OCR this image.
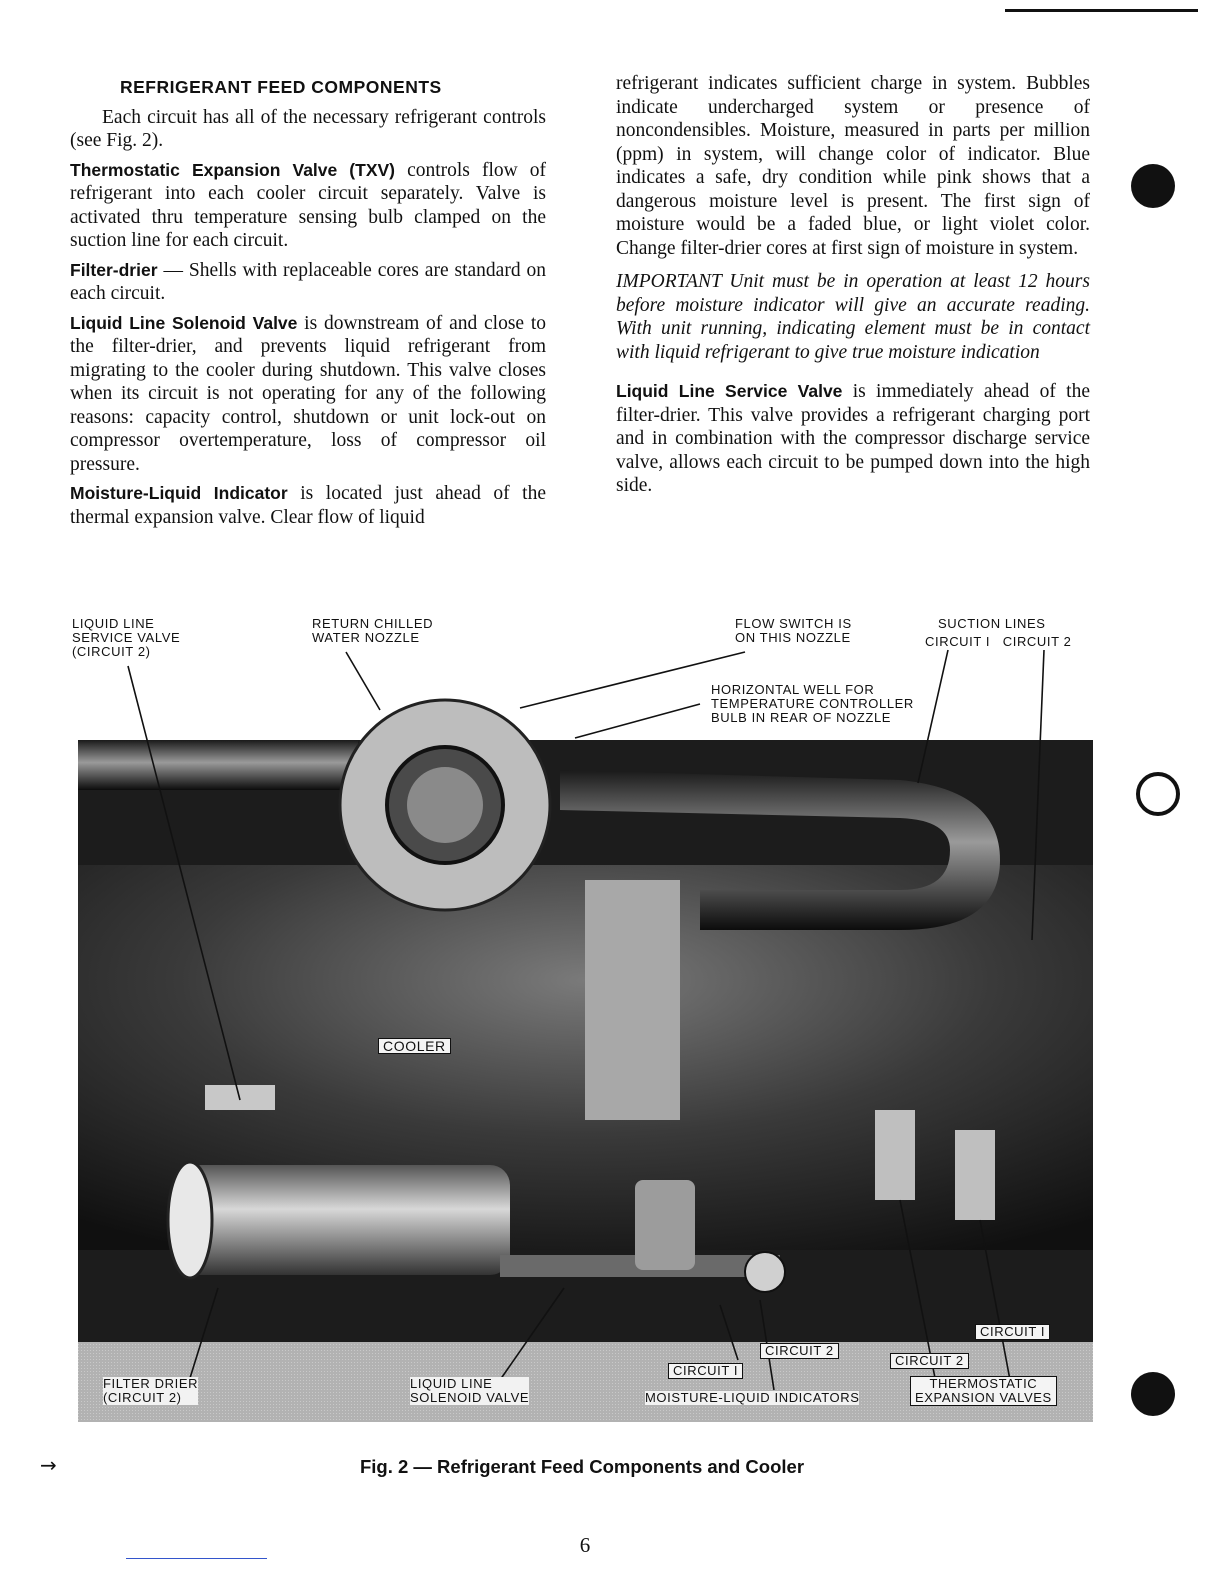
REFRIGERANT FEED COMPONENTS

Each circuit has all of the necessary refrigerant controls (see Fig. 2).

Thermostatic Expansion Valve (TXV) controls flow of refrigerant into each cooler circuit separately. Valve is activated thru temperature sensing bulb clamped on the suction line for each circuit.

Filter-drier — Shells with replaceable cores are standard on each circuit.

Liquid Line Solenoid Valve is downstream of and close to the filter-drier, and prevents liquid refrigerant from migrating to the cooler during shutdown. This valve closes when its circuit is not operating for any of the following reasons: capacity control, shutdown or unit lock-out on compressor overtemperature, loss of compressor oil pressure.

Moisture-Liquid Indicator is located just ahead of the thermal expansion valve. Clear flow of liquid

refrigerant indicates sufficient charge in system. Bubbles indicate undercharged system or presence of noncondensibles. Moisture, measured in parts per million (ppm) in system, will change color of indicator. Blue indicates a safe, dry condition while pink shows that a dangerous moisture level is present. The first sign of moisture would be a faded blue, or light violet color. Change filter-drier cores at first sign of moisture in system.

IMPORTANT Unit must be in operation at least 12 hours before moisture indicator will give an accurate reading. With unit running, indicating element must be in contact with liquid refrigerant to give true moisture indication

Liquid Line Service Valve is immediately ahead of the filter-drier. This valve provides a refrigerant charging port and in combination with the compressor discharge service valve, allows each circuit to be pumped down into the high side.

LIQUID LINE
SERVICE VALVE
(CIRCUIT 2)
RETURN CHILLED
WATER NOZZLE
FLOW SWITCH IS
ON THIS NOZZLE
SUCTION LINES
CIRCUIT I   CIRCUIT 2
HORIZONTAL WELL FOR
TEMPERATURE CONTROLLER
BULB IN REAR OF NOZZLE
COOLER
CIRCUIT I
CIRCUIT 2
CIRCUIT 2
CIRCUIT I
FILTER DRIER
(CIRCUIT 2)
LIQUID LINE
SOLENOID VALVE	MOISTURE-LIQUID INDICATORS
THERMOSTATIC
EXPANSION VALVES
→	Fig. 2 — Refrigerant Feed Components and Cooler
6
